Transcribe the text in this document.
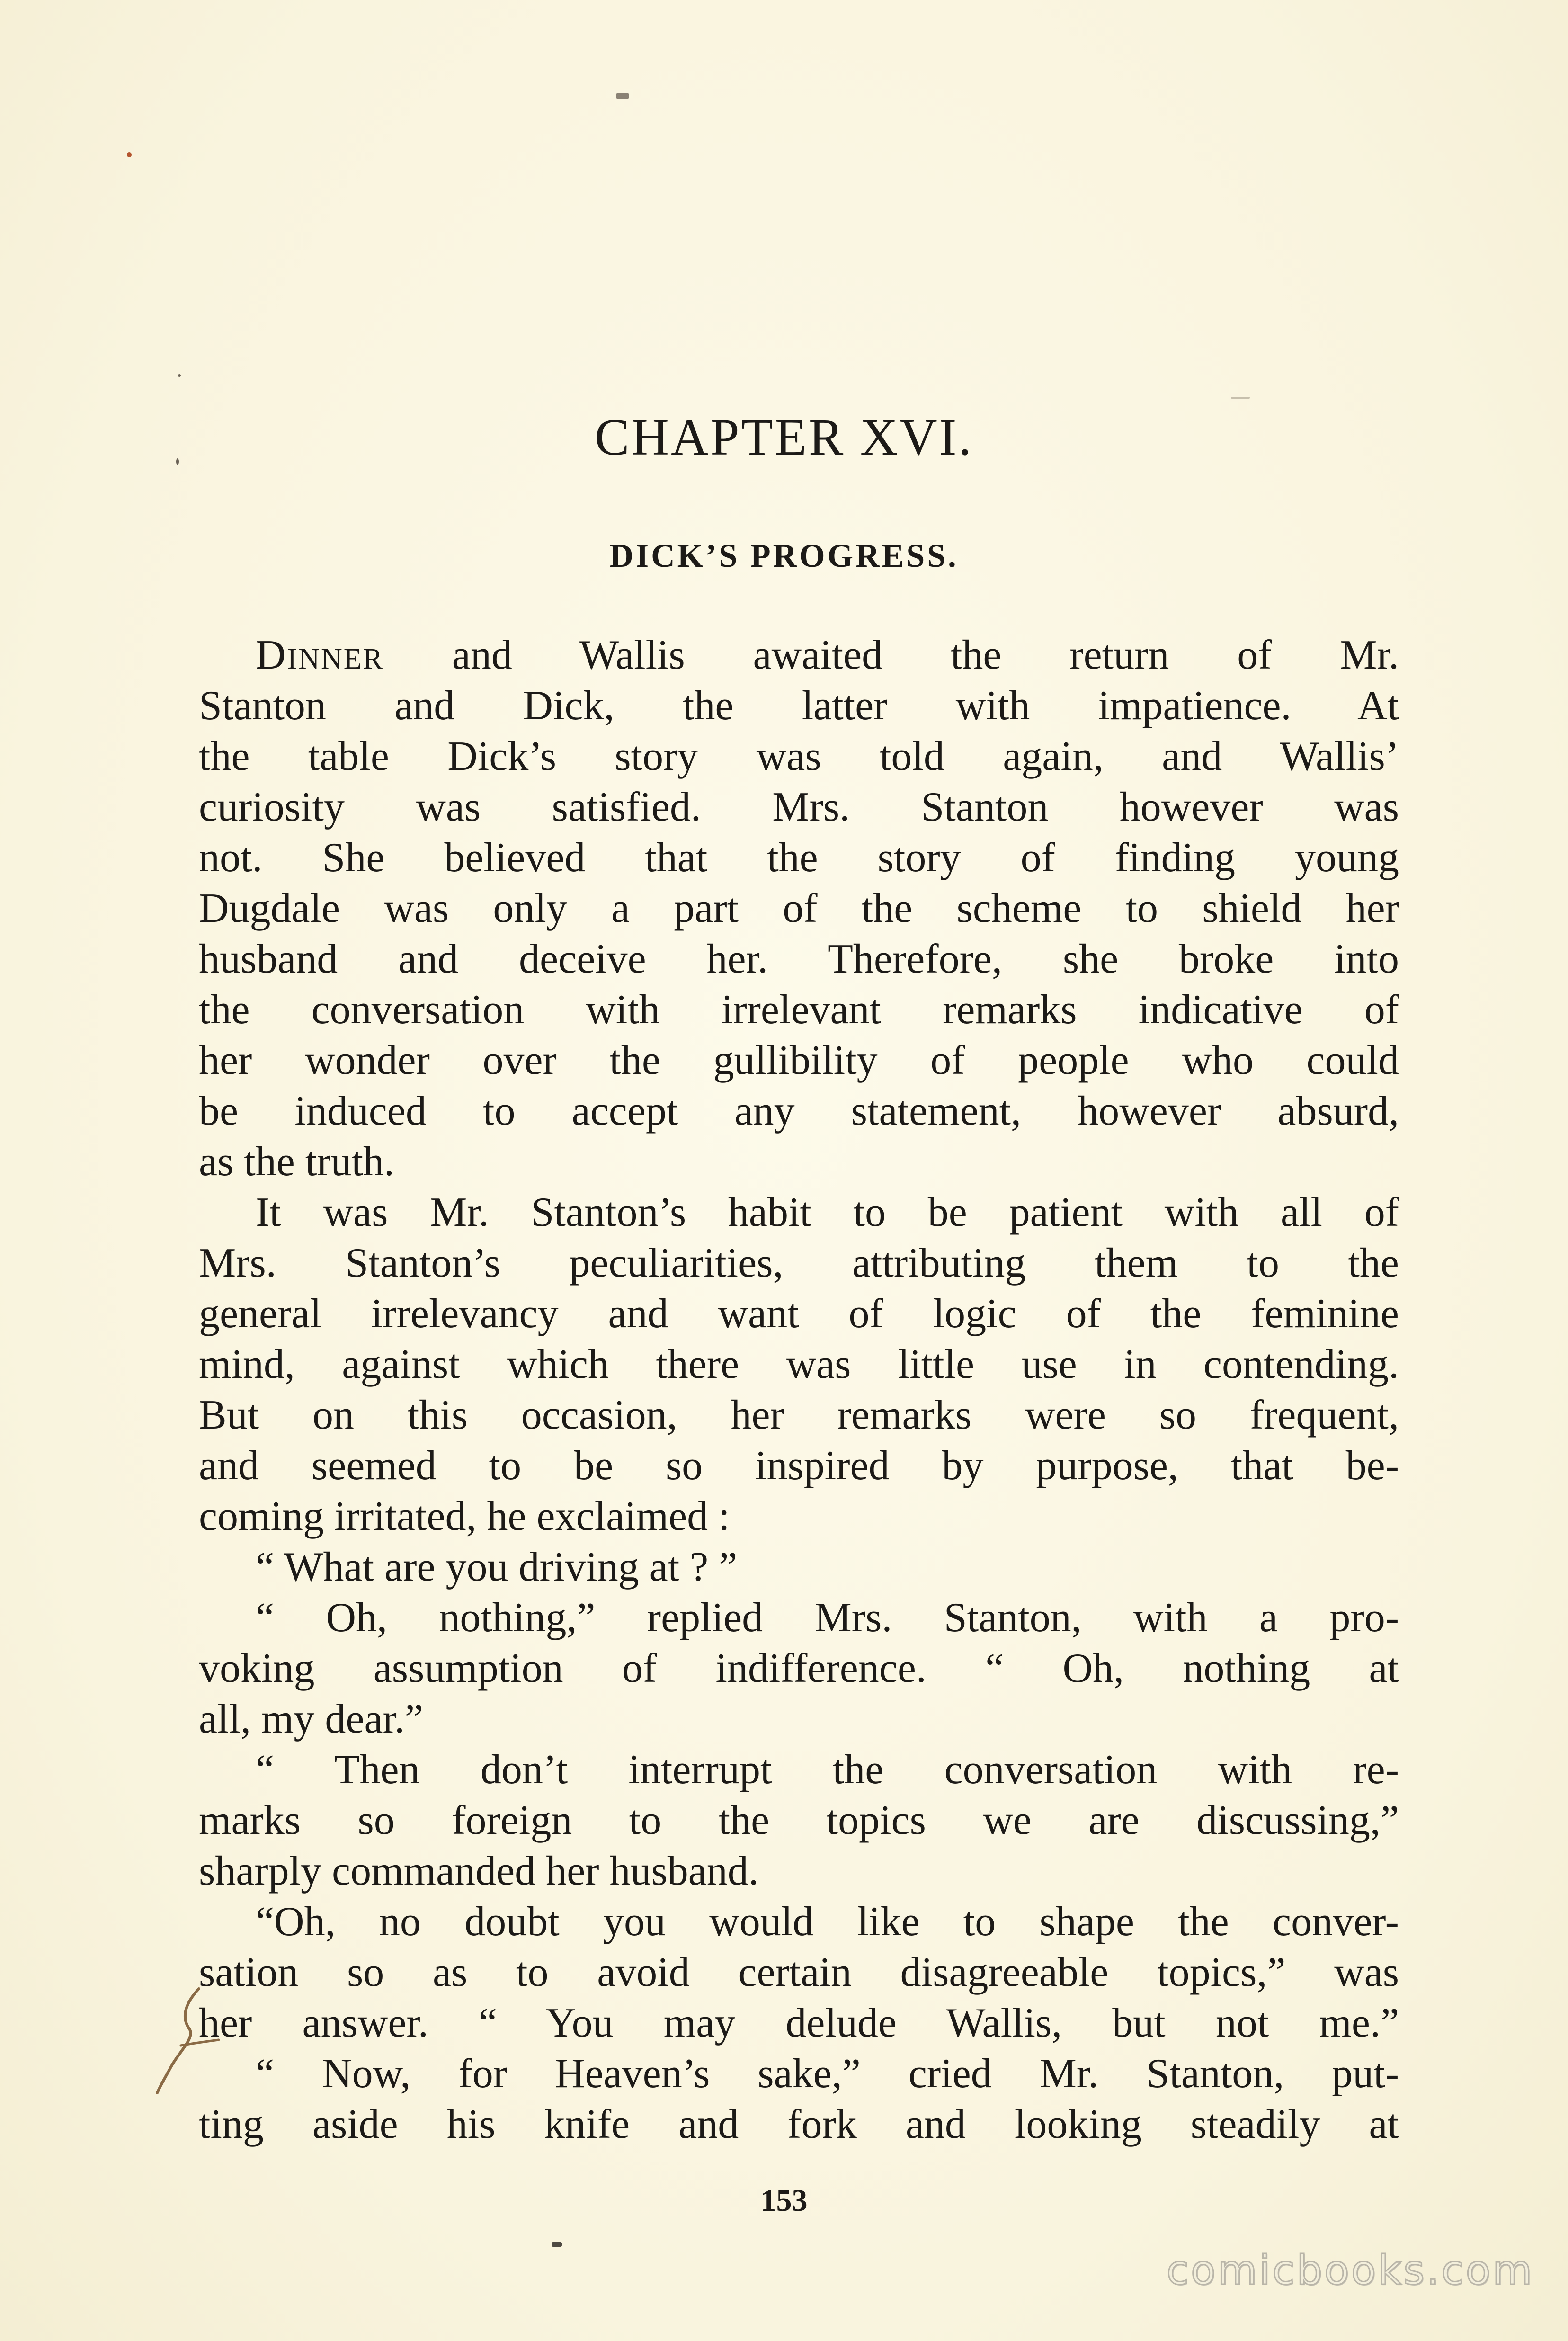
CHAPTER XVI.
DICK’S PROGRESS.
Dinner and Wallis awaited the return of Mr.
Stanton and Dick, the latter with impatience. At
the table Dick’s story was told again, and Wallis’
curiosity was satisfied. Mrs. Stanton however was
not. She believed that the story of finding young
Dugdale was only a part of the scheme to shield her
husband and deceive her. Therefore, she broke into
the conversation with irrelevant remarks indicative of
her wonder over the gullibility of people who could
be induced to accept any statement, however absurd,
as the truth.
It was Mr. Stanton’s habit to be patient with all of
Mrs. Stanton’s peculiarities, attributing them to the
general irrelevancy and want of logic of the feminine
mind, against which there was little use in contending.
But on this occasion, her remarks were so frequent,
and seemed to be so inspired by purpose, that be-
coming irritated, he exclaimed :
“ What are you driving at ? ”
“ Oh, nothing,” replied Mrs. Stanton, with a pro-
voking assumption of indifference. “ Oh, nothing at
all, my dear.”
“ Then don’t interrupt the conversation with re-
marks so foreign to the topics we are discussing,”
sharply commanded her husband.
“Oh, no doubt you would like to shape the conver-
sation so as to avoid certain disagreeable topics,” was
her answer. “ You may delude Wallis, but not me.”
“ Now, for Heaven’s sake,” cried Mr. Stanton, put-
ting aside his knife and fork and looking steadily at

153

comicbooks.com
